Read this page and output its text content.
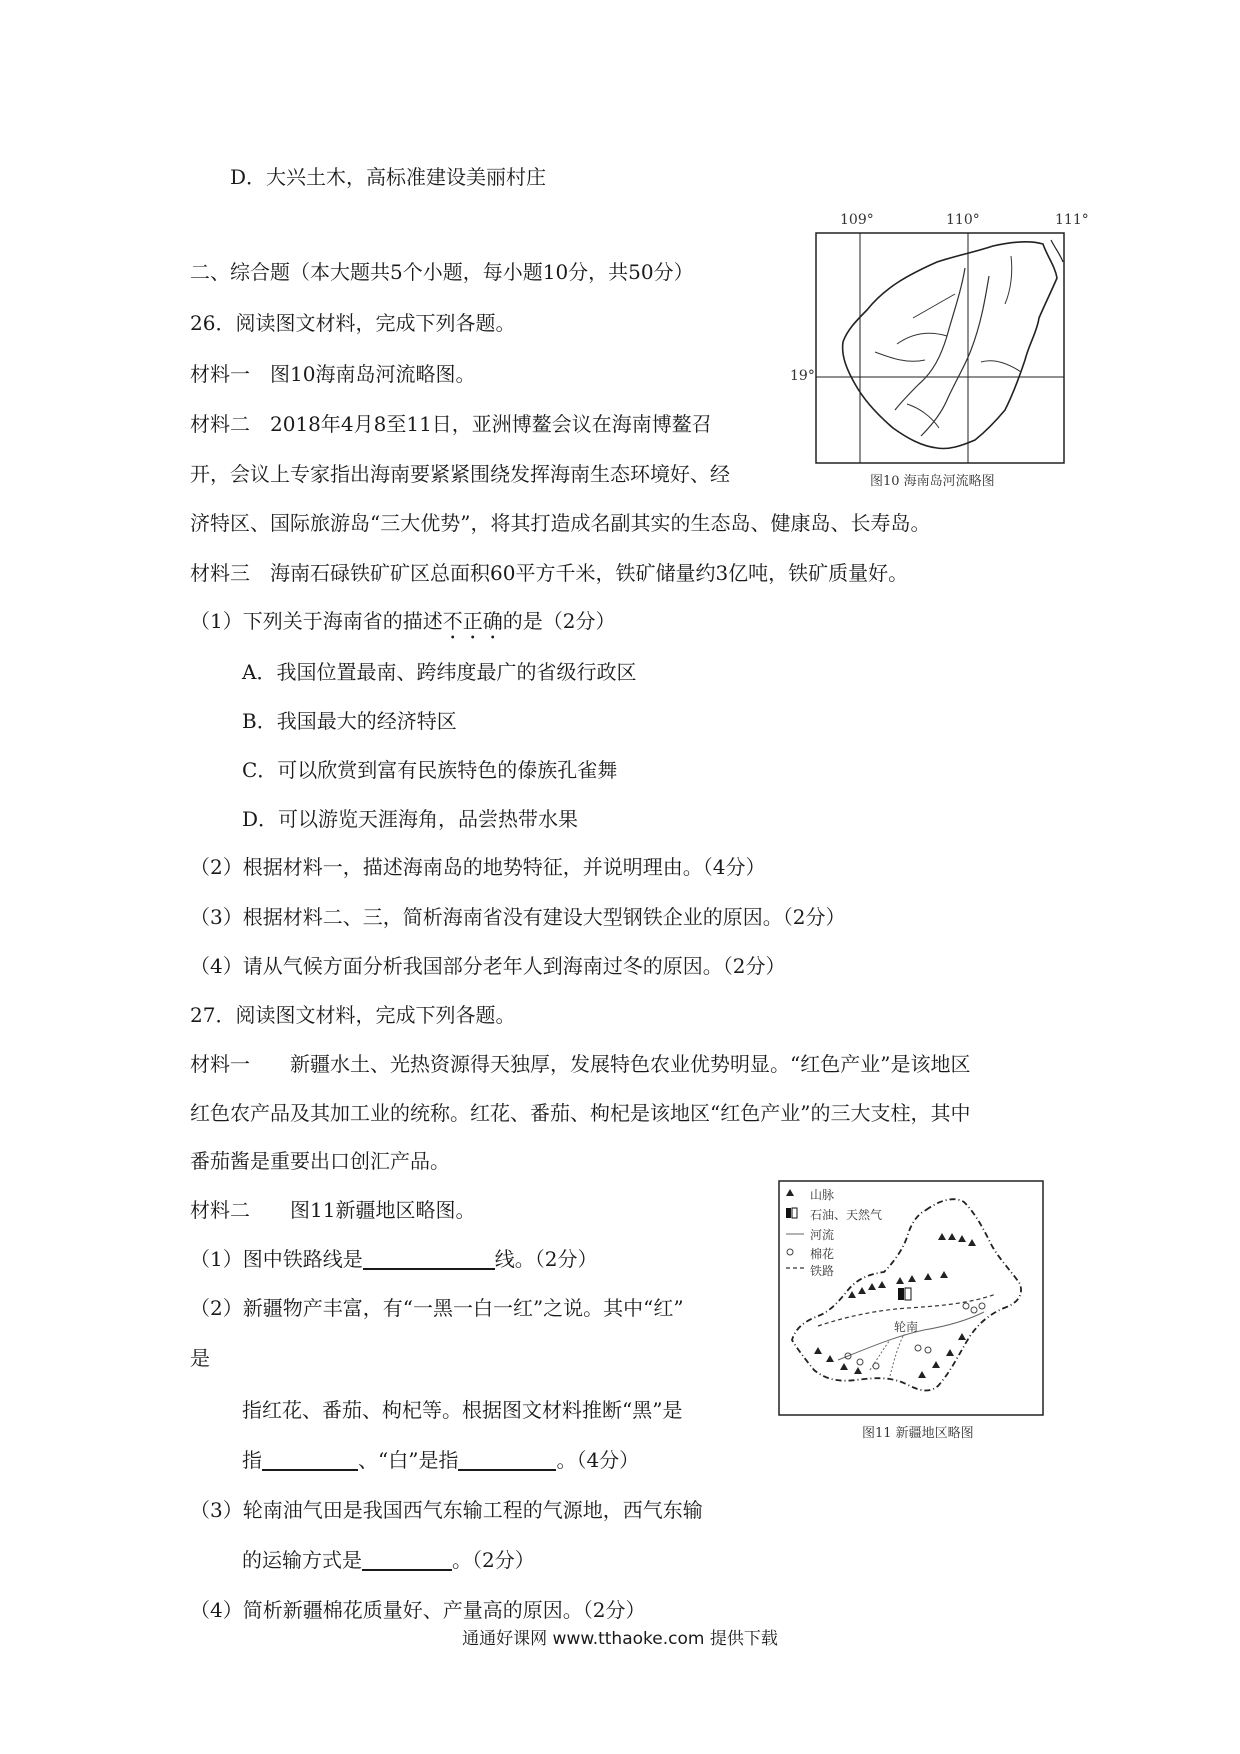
D．大兴土木，高标准建设美丽村庄
二、综合题（本大题共5个小题，每小题10分，共50分）
26．阅读图文材料，完成下列各题。
材料一　图10海南岛河流略图。
材料二　2018年4月8至11日，亚洲博鳌会议在海南博鳌召
开，会议上专家指出海南要紧紧围绕发挥海南生态环境好、经
济特区、国际旅游岛“三大优势”，将其打造成名副其实的生态岛、健康岛、长寿岛。
材料三　海南石碌铁矿矿区总面积60平方千米，铁矿储量约3亿吨，铁矿质量好。
（1）下列关于海南省的描述不正确的是（2分）
A．我国位置最南、跨纬度最广的省级行政区
B．我国最大的经济特区
C．可以欣赏到富有民族特色的傣族孔雀舞
D．可以游览天涯海角，品尝热带水果
（2）根据材料一，描述海南岛的地势特征，并说明理由。（4分）
（3）根据材料二、三，简析海南省没有建设大型钢铁企业的原因。（2分）
（4）请从气候方面分析我国部分老年人到海南过冬的原因。（2分）
109°	110°	111°
19°
图10 海南岛河流略图
27．阅读图文材料，完成下列各题。
材料一　　新疆水土、光热资源得天独厚，发展特色农业优势明显。“红色产业”是该地区
红色农产品及其加工业的统称。红花、番茄、枸杞是该地区“红色产业”的三大支柱，其中
番茄酱是重要出口创汇产品。
材料二　　图11新疆地区略图。
（1）图中铁路线是	线。（2分）
（2）新疆物产丰富，有“一黑一白一红”之说。其中“红”
是
指红花、番茄、枸杞等。根据图文材料推断“黑”是
指	、“白”是指	。（4分）
（3）轮南油气田是我国西气东输工程的气源地，西气东输
的运输方式是	。（2分）
（4）简析新疆棉花质量好、产量高的原因。（2分）
山脉
石油、天然气
河流
棉花
铁路
轮南
图11 新疆地区略图
通通好课网 www.tthaoke.com 提供下载
